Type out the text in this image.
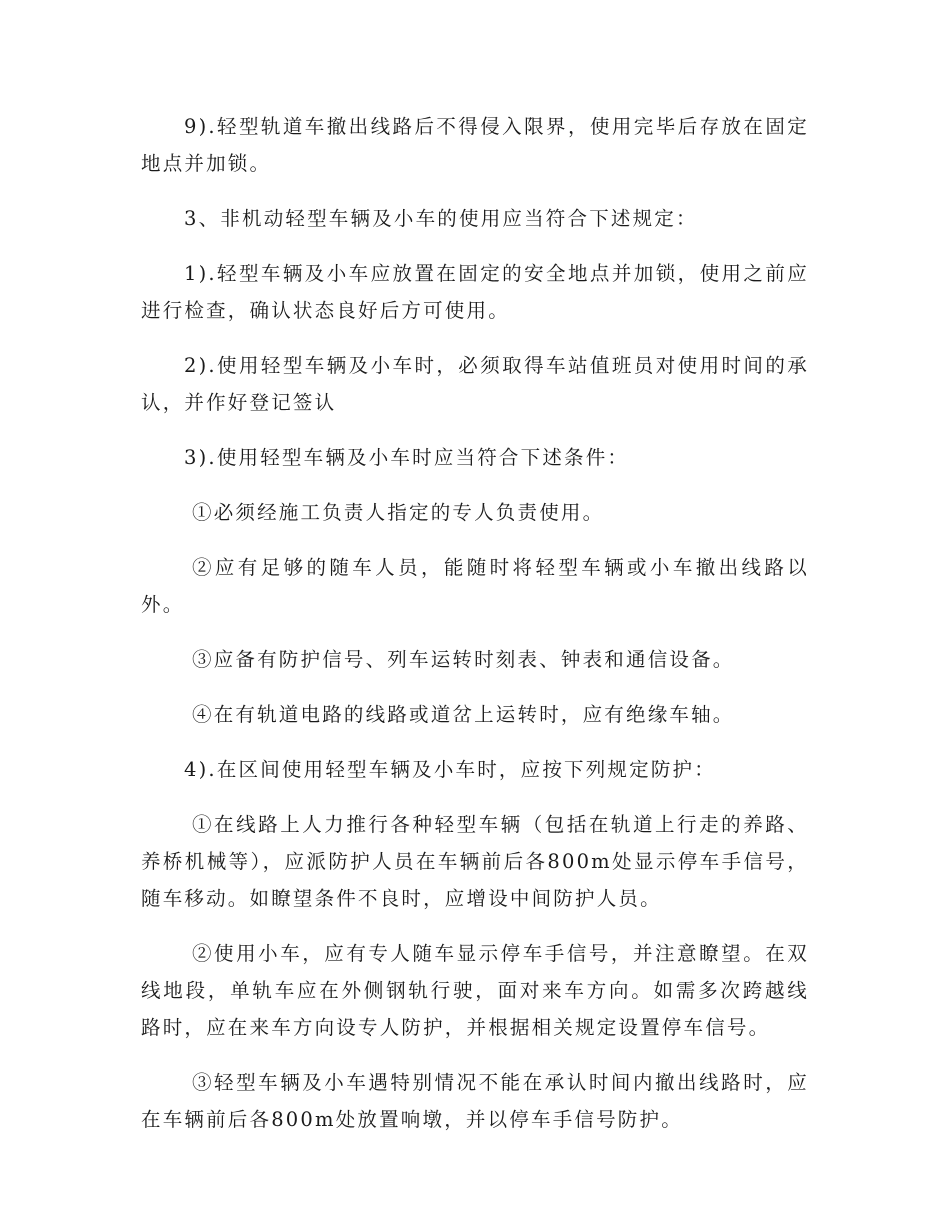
9).轻型轨道车撤出线路后不得侵入限界，使用完毕后存放在固定地点并加锁。

3、非机动轻型车辆及小车的使用应当符合下述规定：

1).轻型车辆及小车应放置在固定的安全地点并加锁，使用之前应进行检查，确认状态良好后方可使用。

2).使用轻型车辆及小车时，必须取得车站值班员对使用时间的承认，并作好登记签认

3).使用轻型车辆及小车时应当符合下述条件：

①必须经施工负责人指定的专人负责使用。

②应有足够的随车人员，能随时将轻型车辆或小车撤出线路以外。

③应备有防护信号、列车运转时刻表、钟表和通信设备。

④在有轨道电路的线路或道岔上运转时，应有绝缘车轴。

4).在区间使用轻型车辆及小车时，应按下列规定防护：

①在线路上人力推行各种轻型车辆（包括在轨道上行走的养路、养桥机械等），应派防护人员在车辆前后各800m处显示停车手信号，随车移动。如瞭望条件不良时，应增设中间防护人员。

②使用小车，应有专人随车显示停车手信号，并注意瞭望。在双线地段，单轨车应在外侧钢轨行驶，面对来车方向。如需多次跨越线路时，应在来车方向设专人防护，并根据相关规定设置停车信号。

③轻型车辆及小车遇特别情况不能在承认时间内撤出线路时，应在车辆前后各800m处放置响墩，并以停车手信号防护。
